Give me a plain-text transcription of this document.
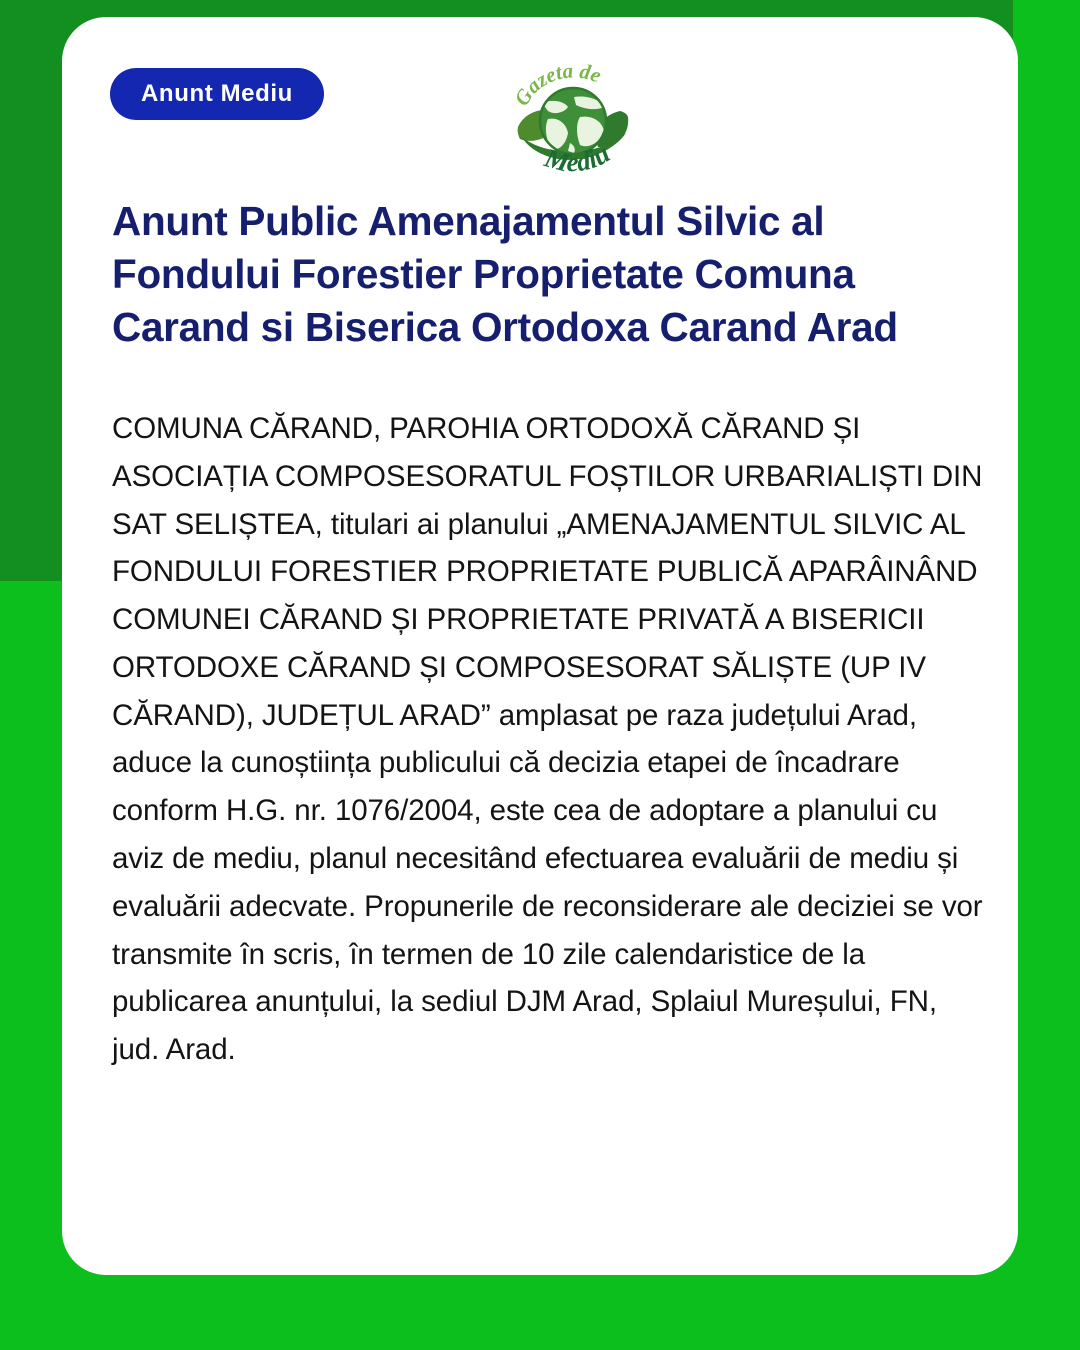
Anunt Mediu	Gazeta de
Mediu
Anunt Public Amenajamentul Silvic al Fondului Forestier Proprietate Comuna Carand si Biserica Ortodoxa Carand Arad

COMUNA CĂRAND, PAROHIA ORTODOXĂ CĂRAND ȘI ASOCIAȚIA COMPOSESORATUL FOȘTILOR URBARIALIȘTI DIN SAT SELIȘTEA, titulari ai planului „AMENAJAMENTUL SILVIC AL FONDULUI FORESTIER PROPRIETATE PUBLICĂ APARÂINÂND COMUNEI CĂRAND ȘI PROPRIETATE PRIVATĂ A BISERICII ORTODOXE CĂRAND ȘI COMPOSESORAT SĂLIȘTE (UP IV CĂRAND), JUDEȚUL ARAD” amplasat pe raza județului Arad, aduce la cunoștiința publicului că decizia etapei de încadrare conform H.G. nr. 1076/2004, este cea de adoptare a planului cu aviz de mediu, planul necesitând efectuarea evaluării de mediu și evaluării adecvate. Propunerile de reconsiderare ale deciziei se vor transmite în scris, în termen de 10 zile calendaristice de la publicarea anunțului, la sediul DJM Arad, Splaiul Mureșului, FN, jud. Arad.
